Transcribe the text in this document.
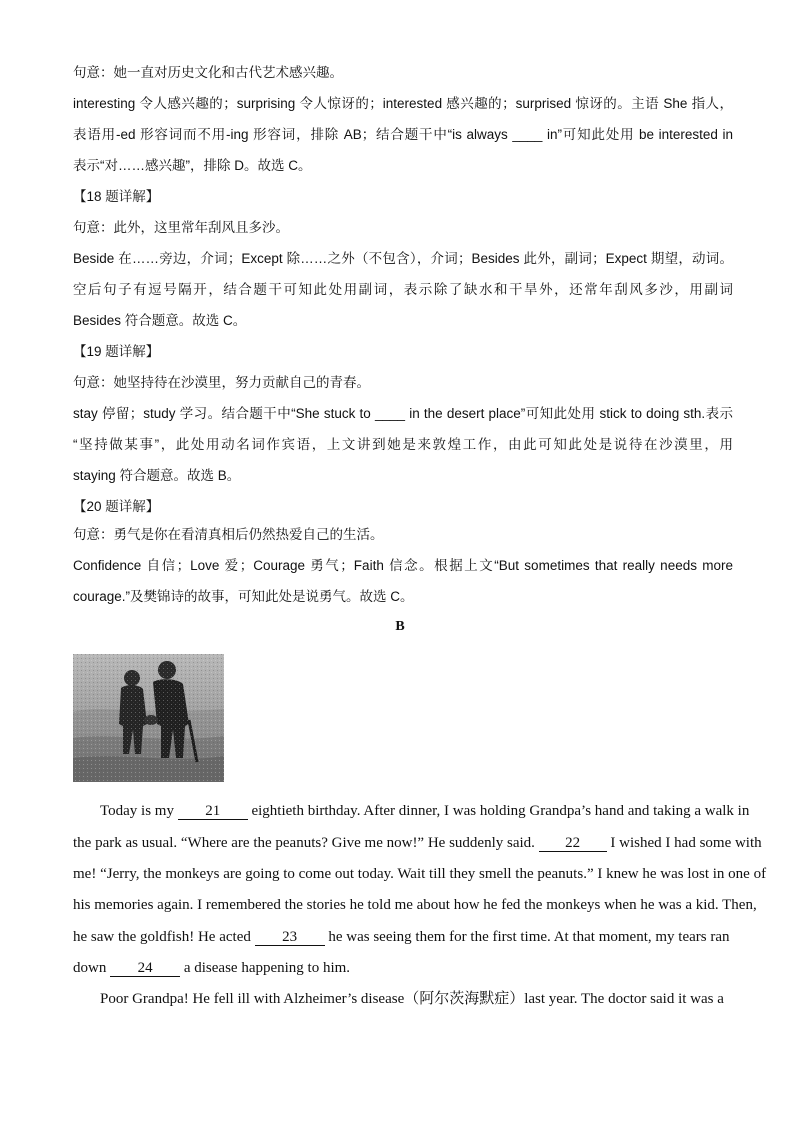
句意：她一直对历史文化和古代艺术感兴趣。
interesting 令人感兴趣的；surprising 令人惊讶的；interested 感兴趣的；surprised 惊讶的。主语 She 指人，
表语用-ed 形容词而不用-ing 形容词，排除 AB；结合题干中“is always ____ in”可知此处用 be interested in
表示“对……感兴趣”，排除 D。故选 C。
【18 题详解】
句意：此外，这里常年刮风且多沙。
Beside 在……旁边，介词；Except 除……之外（不包含），介词；Besides 此外，副词；Expect 期望，动词。
空后句子有逗号隔开，结合题干可知此处用副词，表示除了缺水和干旱外，还常年刮风多沙，用副词
Besides 符合题意。故选 C。
【19 题详解】
句意：她坚持待在沙漠里，努力贡献自己的青春。
stay 停留；study 学习。结合题干中“She stuck to ____ in the desert place”可知此处用 stick to doing sth.表示
“坚持做某事”，此处用动名词作宾语，上文讲到她是来敦煌工作，由此可知此处是说待在沙漠里，用
staying 符合题意。故选 B。
【20 题详解】
句意：勇气是你在看清真相后仍然热爱自己的生活。
Confidence 自信；Love 爱；Courage 勇气；Faith 信念。根据上文“But sometimes that really needs more
courage.”及樊锦诗的故事，可知此处是说勇气。故选 C。
B
Today is my 21 eightieth birthday. After dinner, I was holding Grandpa’s hand and taking a walk in
the park as usual. “Where are the peanuts? Give me now!” He suddenly said. 22 I wished I had some with
me! “Jerry, the monkeys are going to come out today. Wait till they smell the peanuts.” I knew he was lost in one of
his memories again. I remembered the stories he told me about how he fed the monkeys when he was a kid. Then,
he saw the goldfish! He acted 23 he was seeing them for the first time. At that moment, my tears ran
down 24 a disease happening to him.
Poor Grandpa! He fell ill with Alzheimer’s disease（阿尔茨海默症）last year. The doctor said it was a
